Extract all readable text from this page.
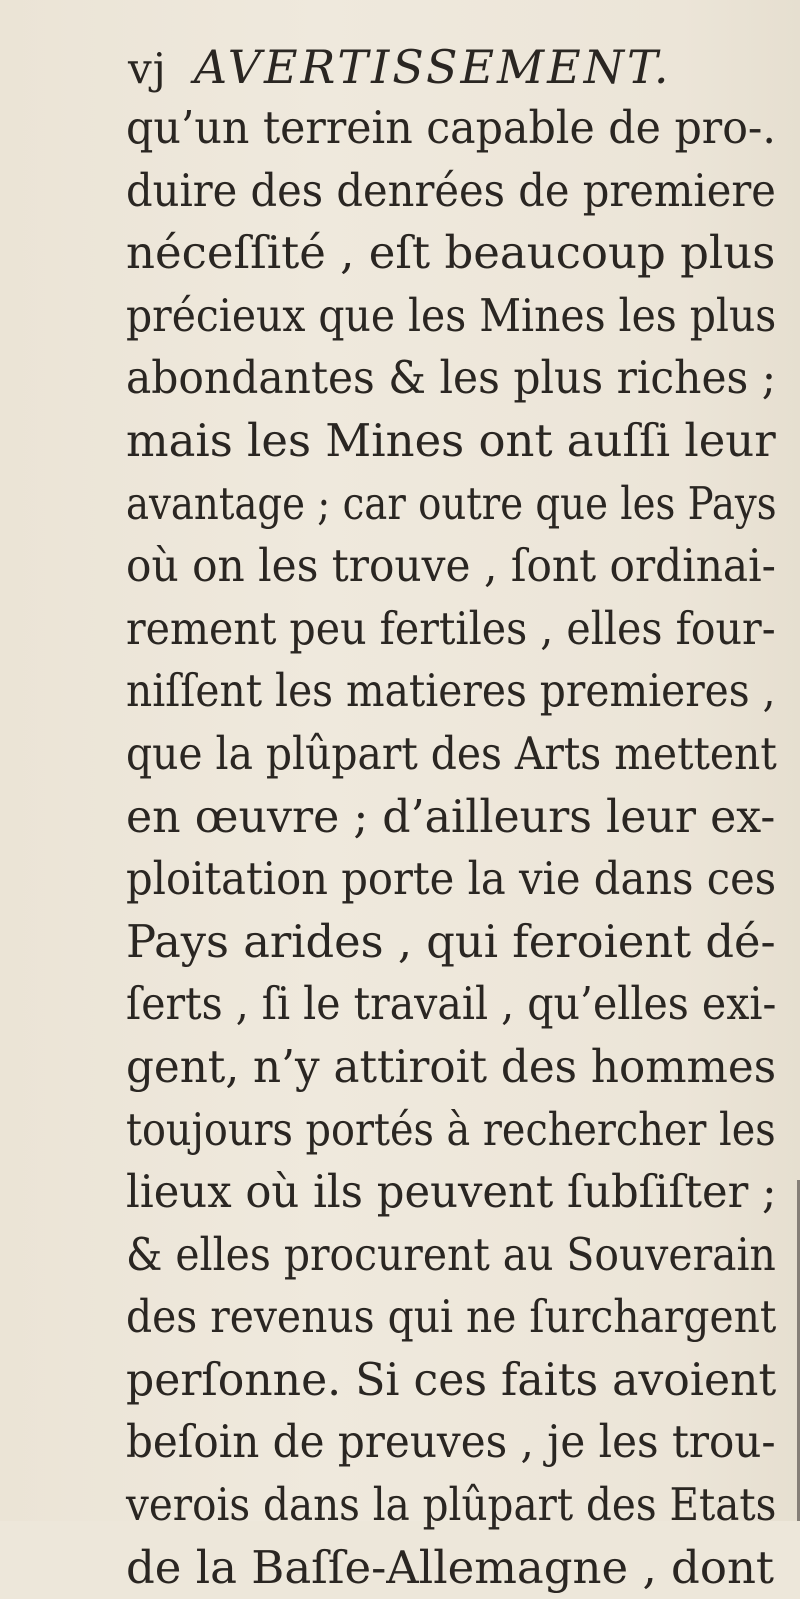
vj AVERTISSEMENT.
qu’un terrein capable de pro-.
duire des denrées de premiere
néceſſité , eſt beaucoup plus
précieux que les Mines les plus
abondantes & les plus riches ;
mais les Mines ont auſſi leur
avantage ; car outre que les Pays
où on les trouve , ſont ordinai-
rement peu fertiles , elles four-
niſſent les matieres premieres ,
que la plûpart des Arts mettent
en œuvre ; d’ailleurs leur ex-
ploitation porte la vie dans ces
Pays arides , qui feroient dé-
ſerts , ſi le travail , qu’elles exi-
gent, n’y attiroit des hommes
toujours portés à rechercher les
lieux où ils peuvent ſubſiſter ;
& elles procurent au Souverain
des revenus qui ne ſurchargent
perſonne. Si ces faits avoient
beſoin de preuves , je les trou-
verois dans la plûpart des Etats
de la Baſſe-Allemagne , dont
